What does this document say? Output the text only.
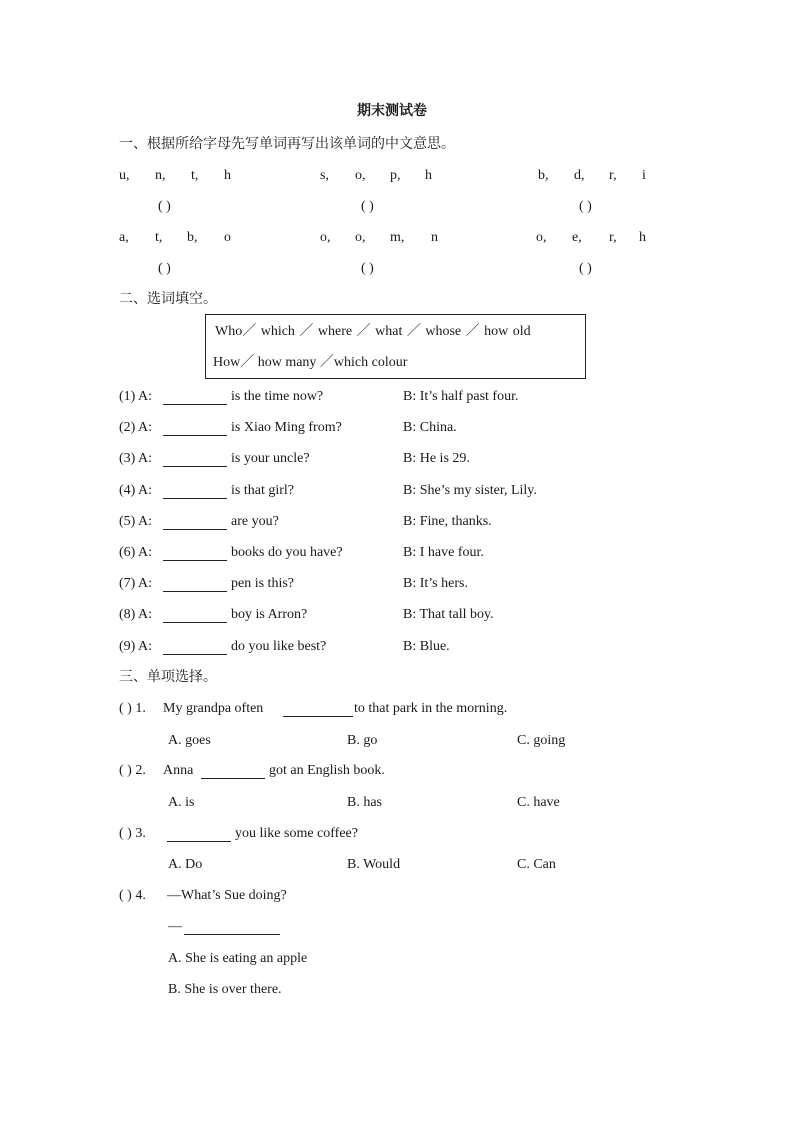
期末测试卷
一、根据所给字母先写单词再写出该单词的中文意思。
u, n, t, h	s, o, p, h	b, d, r, i
( )	( )	( )
a, t, b, o	o, o, m, n	o, e, r, h
( )	( )	( )
二、选词填空。
Who／ which ／ where ／ what ／ whose ／ how old
How／ how many ／which colour
(1) A:	is the time now?	B: It’s half past four.
(2) A:	is Xiao Ming from?	B: China.
(3) A:	is your uncle?	B: He is 29.
(4) A:	is that girl?	B: She’s my sister, Lily.
(5) A:	are you?	B: Fine, thanks.
(6) A:	books do you have?	B: I have four.
(7) A:	pen is this?	B: It’s hers.
(8) A:	boy is Arron?	B: That tall boy.
(9) A:	do you like best?	B: Blue.
三、单项选择。
( ) 1. My grandpa often	to that park in the morning.
A. goes	B. go	C. going
( ) 2. Anna	got an English book.
A. is	B. has	C. have
( ) 3.	you like some coffee?
A. Do	B. Would	C. Can
( ) 4. —What’s Sue doing?
—
A. She is eating an apple
B. She is over there.
